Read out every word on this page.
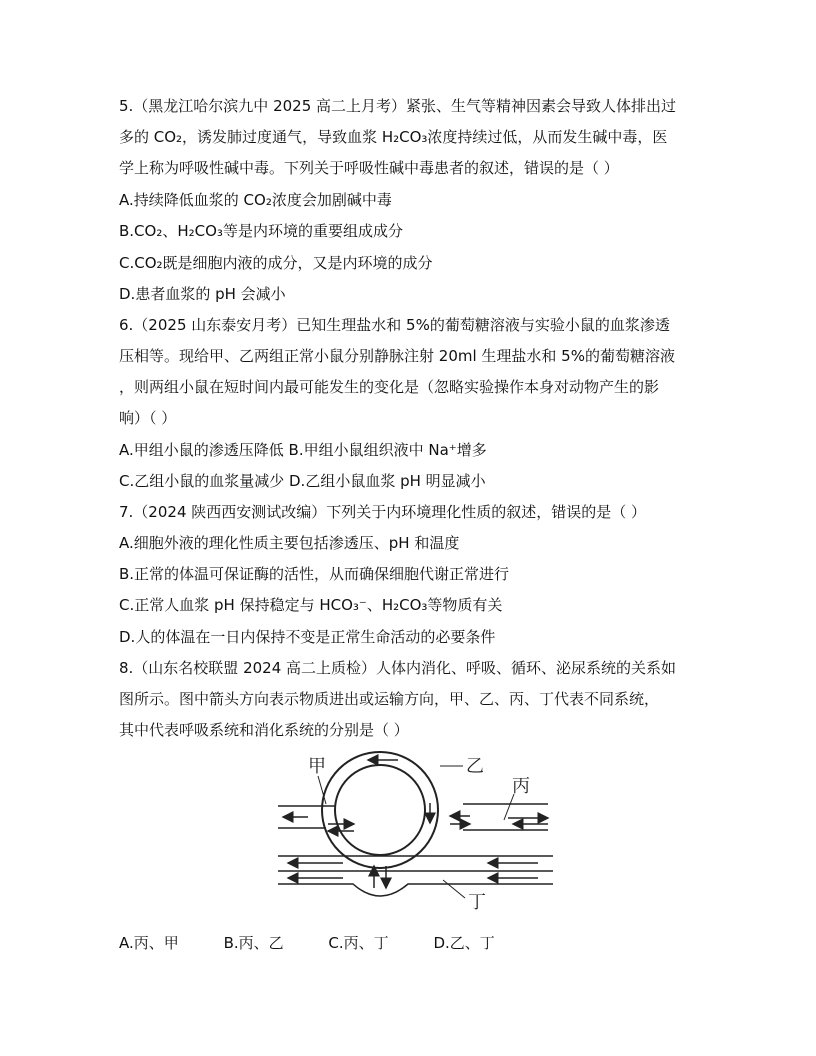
5.（黑龙江哈尔滨九中 2025 高二上月考）紧张、生气等精神因素会导致人体排出过
多的 CO₂，诱发肺过度通气，导致血浆 H₂CO₃浓度持续过低，从而发生碱中毒，医
学上称为呼吸性碱中毒。下列关于呼吸性碱中毒患者的叙述，错误的是（ ）
A.持续降低血浆的 CO₂浓度会加剧碱中毒
B.CO₂、H₂CO₃等是内环境的重要组成成分
C.CO₂既是细胞内液的成分，又是内环境的成分
D.患者血浆的 pH 会减小
6.（2025 山东泰安月考）已知生理盐水和 5%的葡萄糖溶液与实验小鼠的血浆渗透
压相等。现给甲、乙两组正常小鼠分别静脉注射 20ml 生理盐水和 5%的葡萄糖溶液
，则两组小鼠在短时间内最可能发生的变化是（忽略实验操作本身对动物产生的影
响）（ ）
A.甲组小鼠的渗透压降低 B.甲组小鼠组织液中 Na⁺增多
C.乙组小鼠的血浆量减少 D.乙组小鼠血浆 pH 明显减小
7.（2024 陕西西安测试改编）下列关于内环境理化性质的叙述，错误的是（ ）
A.细胞外液的理化性质主要包括渗透压、pH 和温度
B.正常的体温可保证酶的活性，从而确保细胞代谢正常进行
C.正常人血浆 pH 保持稳定与 HCO₃⁻、H₂CO₃等物质有关
D.人的体温在一日内保持不变是正常生命活动的必要条件
8.（山东名校联盟 2024 高二上质检）人体内消化、呼吸、循环、泌尿系统的关系如
图所示。图中箭头方向表示物质进出或运输方向，甲、乙、丙、丁代表不同系统，
其中代表呼吸系统和消化系统的分别是（ ）
甲	乙
丙
丁
A.丙、甲	B.丙、乙	C.丙、丁	D.乙、丁
